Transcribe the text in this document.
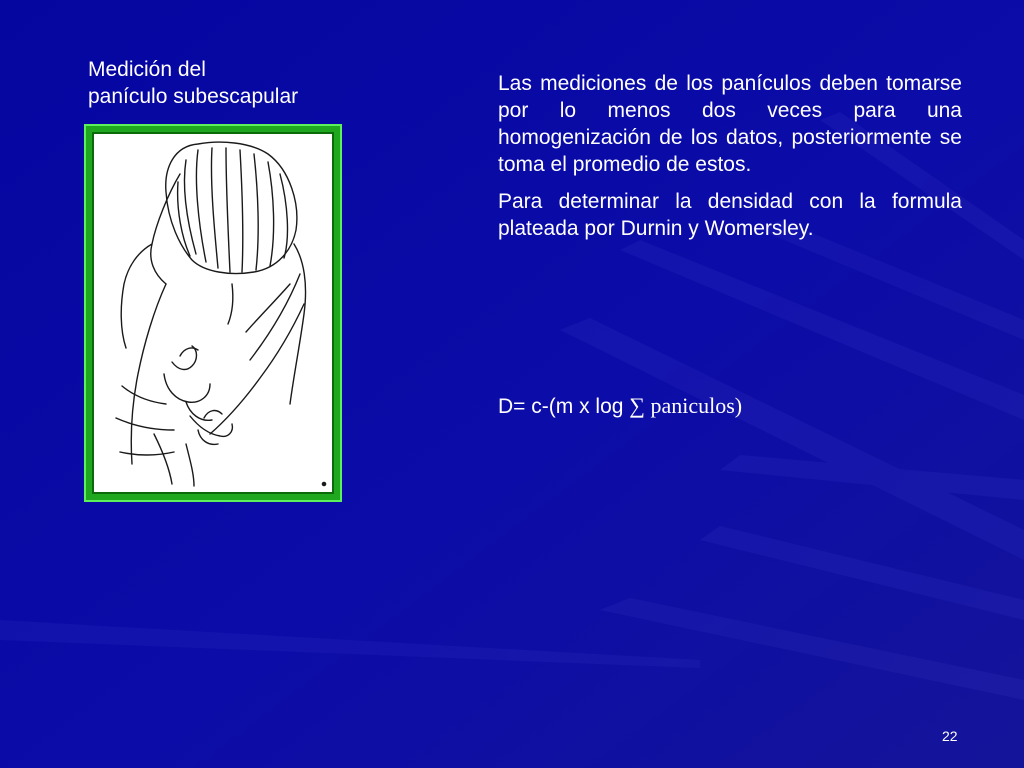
Medición del
panículo subescapular

Las mediciones de los panículos deben tomarse por lo menos dos veces para una homogenización de los datos, posteriormente se toma el promedio de estos.

Para determinar la densidad con la formula plateada por Durnin y Womersley.

D= c-(m x log ∑ paniculos)
22
